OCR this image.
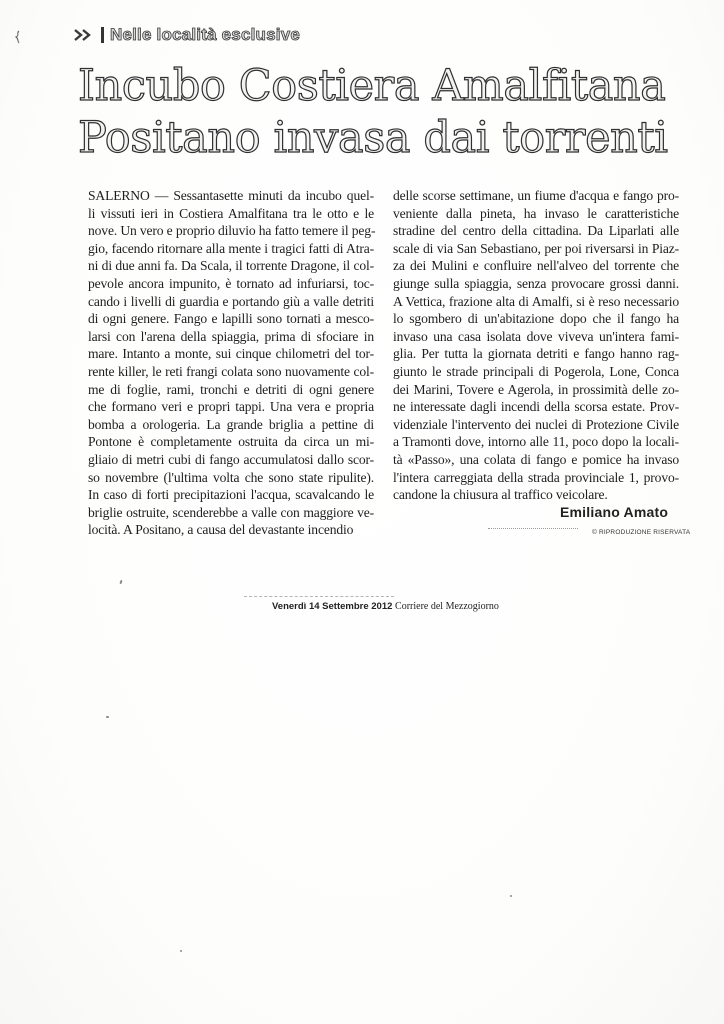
Nelle località esclusive
Incubo Costiera Amalfitana
Positano invasa dai torrenti
SALERNO — Sessantasette minuti da incubo quel-
li vissuti ieri in Costiera Amalfitana tra le otto e le
nove. Un vero e proprio diluvio ha fatto temere il peg-
gio, facendo ritornare alla mente i tragici fatti di Atra-
ni di due anni fa. Da Scala, il torrente Dragone, il col-
pevole ancora impunito, è tornato ad infuriarsi, toc-
cando i livelli di guardia e portando giù a valle detriti
di ogni genere. Fango e lapilli sono tornati a mesco-
larsi con l'arena della spiaggia, prima di sfociare in
mare. Intanto a monte, sui cinque chilometri del tor-
rente killer, le reti frangi colata sono nuovamente col-
me di foglie, rami, tronchi e detriti di ogni genere
che formano veri e propri tappi. Una vera e propria
bomba a orologeria. La grande briglia a pettine di
Pontone è completamente ostruita da circa un mi-
gliaio di metri cubi di fango accumulatosi dallo scor-
so novembre (l'ultima volta che sono state ripulite).
In caso di forti precipitazioni l'acqua, scavalcando le
briglie ostruite, scenderebbe a valle con maggiore ve-
locità. A Positano, a causa del devastante incendio
delle scorse settimane, un fiume d'acqua e fango pro-
veniente dalla pineta, ha invaso le caratteristiche
stradine del centro della cittadina. Da Liparlati alle
scale di via San Sebastiano, per poi riversarsi in Piaz-
za dei Mulini e confluire nell'alveo del torrente che
giunge sulla spiaggia, senza provocare grossi danni.
A Vettica, frazione alta di Amalfi, si è reso necessario
lo sgombero di un'abitazione dopo che il fango ha
invaso una casa isolata dove viveva un'intera fami-
glia. Per tutta la giornata detriti e fango hanno rag-
giunto le strade principali di Pogerola, Lone, Conca
dei Marini, Tovere e Agerola, in prossimità delle zo-
ne interessate dagli incendi della scorsa estate. Prov-
videnziale l'intervento dei nuclei di Protezione Civile
a Tramonti dove, intorno alle 11, poco dopo la locali-
tà «Passo», una colata di fango e pomice ha invaso
l'intera carreggiata della strada provinciale 1, provo-
candone la chiusura al traffico veicolare.
Emiliano Amato
© RIPRODUZIONE RISERVATA
Venerdì 14 Settembre 2012 Corriere del Mezzogiorno
